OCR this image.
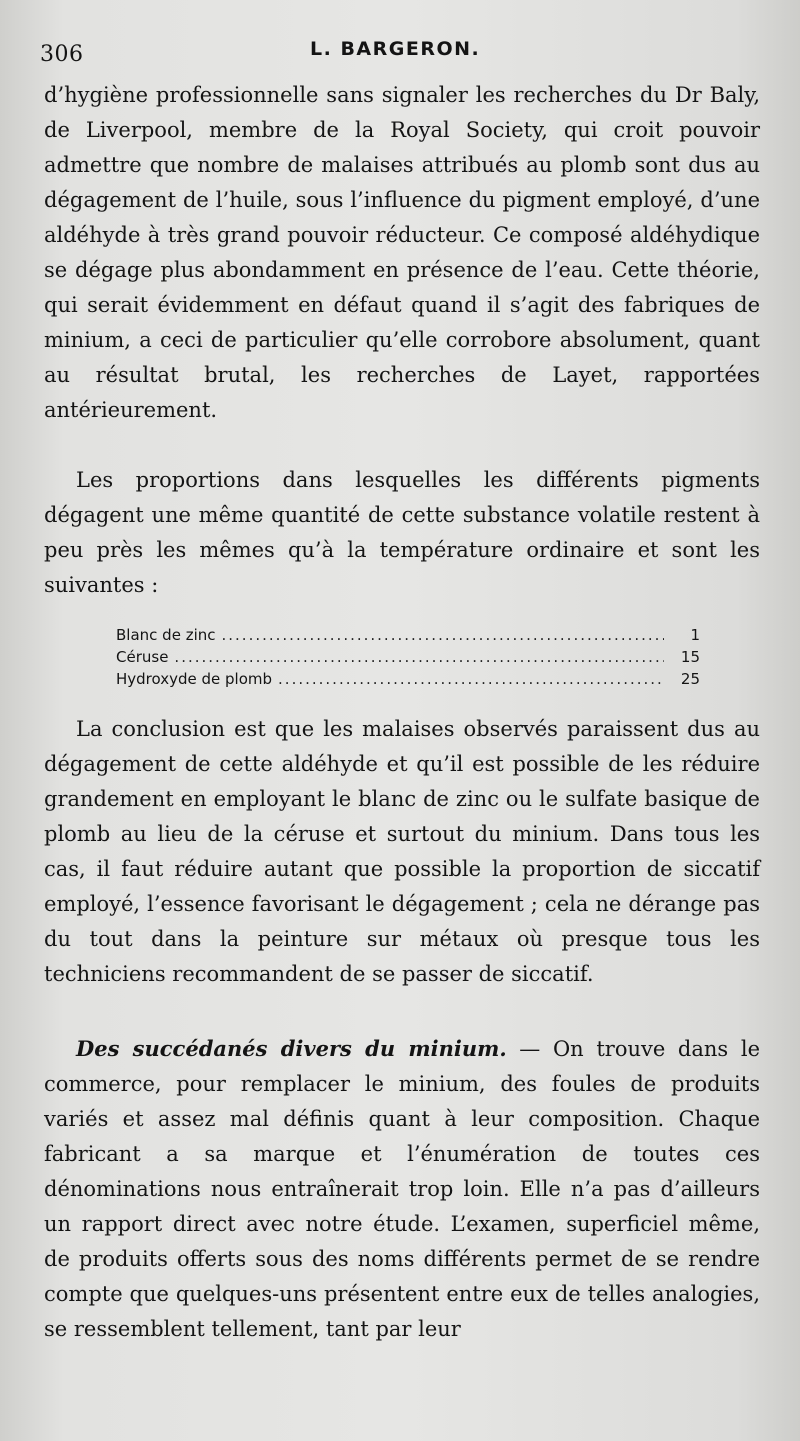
306	L. BARGERON.

d’hygiène professionnelle sans signaler les recherches du Dr Baly, de Liverpool, membre de la Royal Society, qui croit pouvoir admettre que nombre de malaises attribués au plomb sont dus au dégagement de l’huile, sous l’influence du pigment employé, d’une aldéhyde à très grand pouvoir réducteur. Ce composé aldéhydique se dégage plus abondamment en présence de l’eau. Cette théorie, qui serait évidemment en défaut quand il s’agit des fabriques de minium, a ceci de particulier qu’elle corrobore absolument, quant au résultat brutal, les recherches de Layet, rapportées antérieurement.

Les proportions dans lesquelles les différents pigments dégagent une même quantité de cette substance volatile restent à peu près les mêmes qu’à la température ordinaire et sont les suivantes :

Blanc de zinc .....	1
Céruse .....	15
Hydroxyde de plomb .....	25

La conclusion est que les malaises observés paraissent dus au dégagement de cette aldéhyde et qu’il est possible de les réduire grandement en employant le blanc de zinc ou le sulfate basique de plomb au lieu de la céruse et surtout du minium. Dans tous les cas, il faut réduire autant que possible la proportion de siccatif employé, l’essence favorisant le dégagement ; cela ne dérange pas du tout dans la peinture sur métaux où presque tous les techniciens recommandent de se passer de siccatif.

Des succédanés divers du minium. — On trouve dans le commerce, pour remplacer le minium, des foules de produits variés et assez mal définis quant à leur composition. Chaque fabricant a sa marque et l’énumération de toutes ces dénominations nous entraînerait trop loin. Elle n’a pas d’ailleurs un rapport direct avec notre étude. L’examen, superficiel même, de produits offerts sous des noms différents permet de se rendre compte que quelques-uns présentent entre eux de telles analogies, se ressemblent tellement, tant par leur
